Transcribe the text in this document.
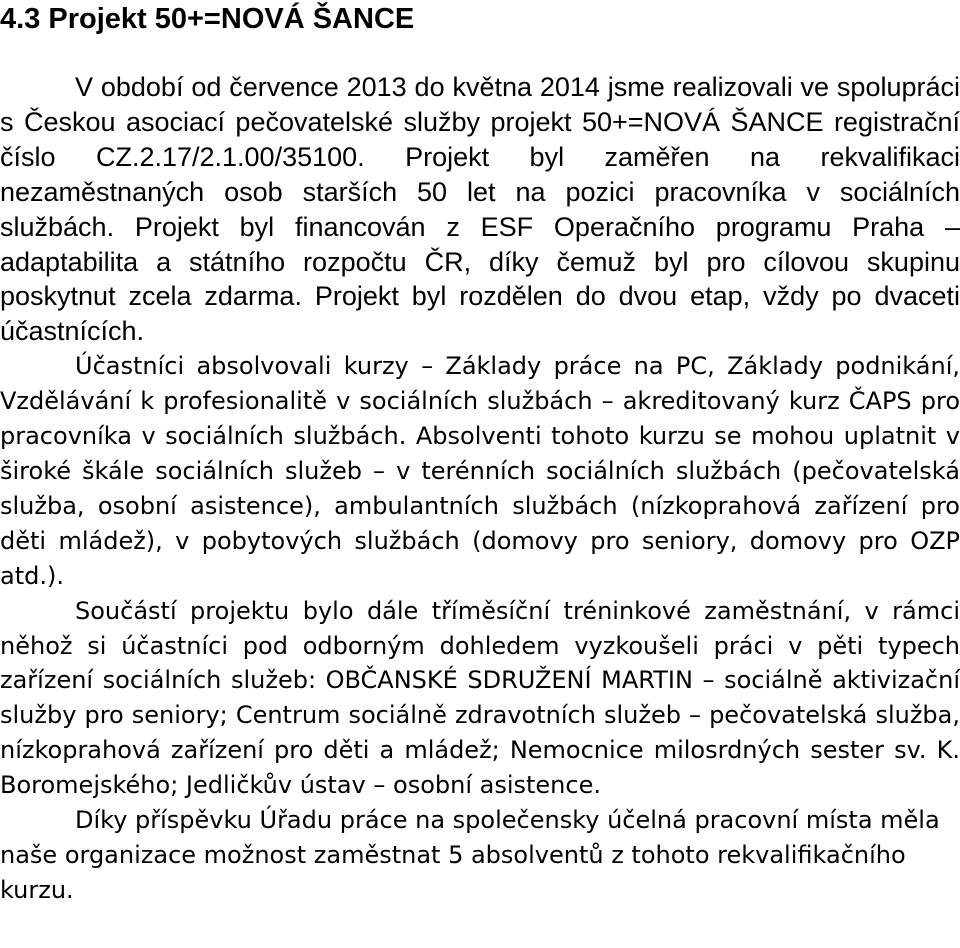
4.3 Projekt 50+=NOVÁ ŠANCE

V období od července 2013 do května 2014 jsme realizovali ve spolupráci s Českou asociací pečovatelské služby projekt 50+=NOVÁ ŠANCE registrační číslo CZ.2.17/2.1.00/35100. Projekt byl zaměřen na rekvalifikaci nezaměstnaných osob starších 50 let na pozici pracovníka v sociálních službách. Projekt byl financován z ESF Operačního programu Praha – adaptabilita a státního rozpočtu ČR, díky čemuž byl pro cílovou skupinu poskytnut zcela zdarma. Projekt byl rozdělen do dvou etap, vždy po dvaceti účastnících.

Účastníci absolvovali kurzy – Základy práce na PC, Základy podnikání, Vzdělávání k profesionalitě v sociálních službách – akreditovaný kurz ČAPS pro pracovníka v sociálních službách. Absolventi tohoto kurzu se mohou uplatnit v široké škále sociálních služeb – v terénních sociálních službách (pečovatelská služba, osobní asistence), ambulantních službách (nízkoprahová zařízení pro děti mládež), v pobytových službách (domovy pro seniory, domovy pro OZP atd.).

Součástí projektu bylo dále tříměsíční tréninkové zaměstnání, v rámci něhož si účastníci pod odborným dohledem vyzkoušeli práci v pěti typech zařízení sociálních služeb: OBČANSKÉ SDRUŽENÍ MARTIN – sociálně aktivizační služby pro seniory; Centrum sociálně zdravotních služeb – pečovatelská služba, nízkoprahová zařízení pro děti a mládež; Nemocnice milosrdných sester sv. K. Boromejského; Jedličkův ústav – osobní asistence.

Díky příspěvku Úřadu práce na společensky účelná pracovní místa měla naše organizace možnost zaměstnat 5 absolventů z tohoto rekvalifikačního kurzu.
